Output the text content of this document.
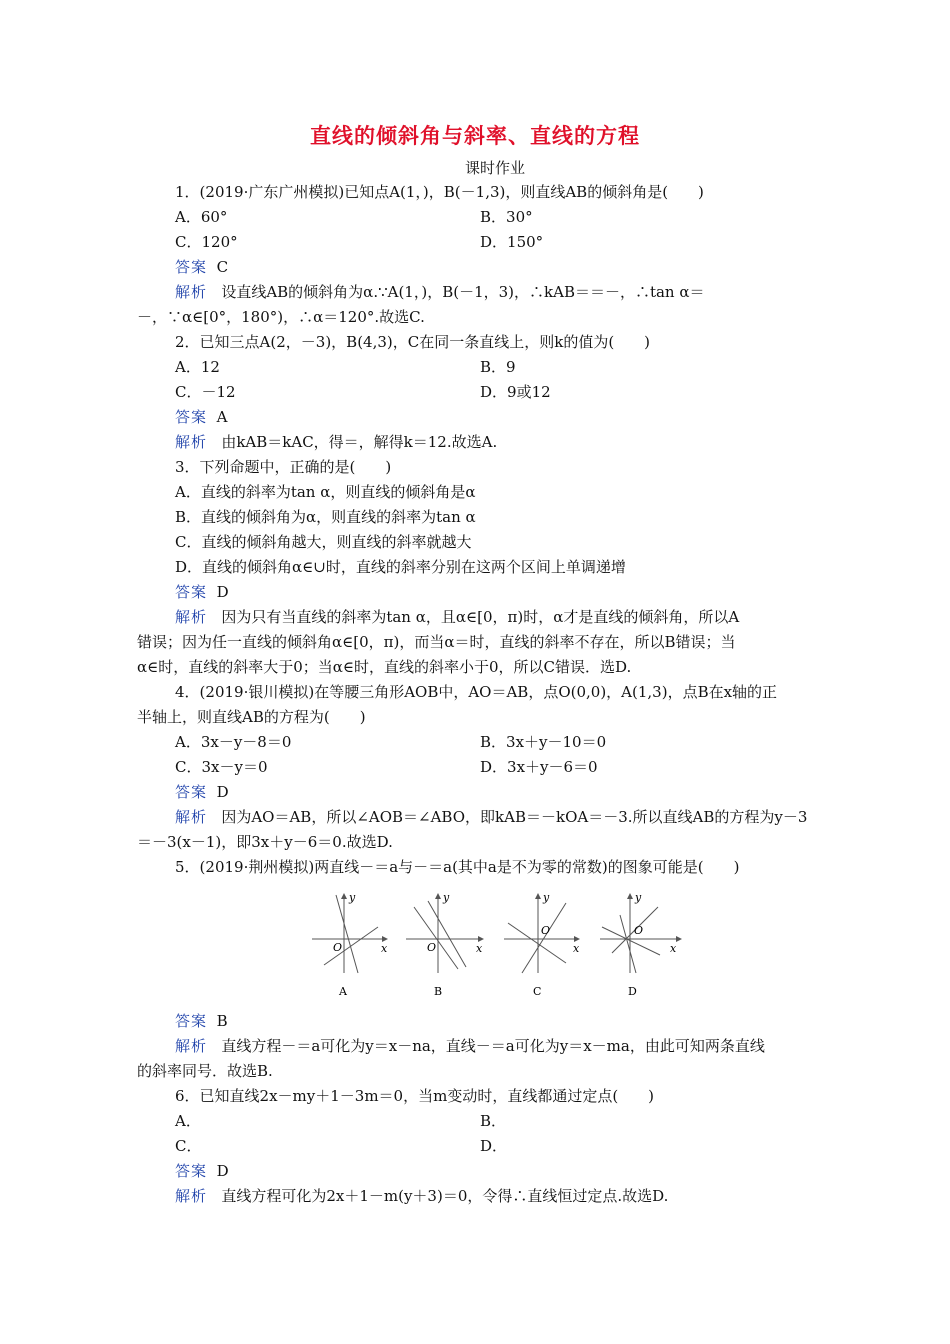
直线的倾斜角与斜率、直线的方程
课时作业
1．(2019·广东广州模拟)已知点A(1，)，B(－1,3)，则直线AB的倾斜角是(　　)
A．60°	B．30°
C．120°	D．150°
答案 C
解析 设直线AB的倾斜角为α.∵A(1，)，B(－1，3)，∴kAB＝＝－，∴tan α＝
－，∵α∈[0°，180°)，∴α＝120°.故选C.
2．已知三点A(2，－3)，B(4,3)，C在同一条直线上，则k的值为(　　)
A．12	B．9
C．－12	D．9或12
答案 A
解析 由kAB＝kAC，得＝，解得k＝12.故选A.
3．下列命题中，正确的是(　　)
A．直线的斜率为tan α，则直线的倾斜角是α
B．直线的倾斜角为α，则直线的斜率为tan α
C．直线的倾斜角越大，则直线的斜率就越大
D．直线的倾斜角α∈∪时，直线的斜率分别在这两个区间上单调递增
答案 D
解析 因为只有当直线的斜率为tan α，且α∈[0，π)时，α才是直线的倾斜角，所以A
错误；因为任一直线的倾斜角α∈[0，π)，而当α＝时，直线的斜率不存在，所以B错误；当
α∈时，直线的斜率大于0；当α∈时，直线的斜率小于0，所以C错误．选D.
4．(2019·银川模拟)在等腰三角形AOB中，AO＝AB，点O(0,0)，A(1,3)，点B在x轴的正
半轴上，则直线AB的方程为(　　)
A．3x－y－8＝0	B．3x＋y－10＝0
C．3x－y＝0	D．3x＋y－6＝0
答案 D
解析 因为AO＝AB，所以∠AOB＝∠ABO，即kAB＝－kOA＝－3.所以直线AB的方程为y－3
＝－3(x－1)，即3x＋y－6＝0.故选D.
5．(2019·荆州模拟)两直线－＝a与－＝a(其中a是不为零的常数)的图象可能是(　　)
y
x
O
A
y
x
O
B
y
x
O
C
y
x
O
D
答案 B
解析 直线方程－＝a可化为y＝x－na，直线－＝a可化为y＝x－ma，由此可知两条直线
的斜率同号．故选B.
6．已知直线2x－my＋1－3m＝0，当m变动时，直线都通过定点(　　)
A．	B．
C．	D．
答案 D
解析 直线方程可化为2x＋1－m(y＋3)＝0，令得∴直线恒过定点.故选D.
